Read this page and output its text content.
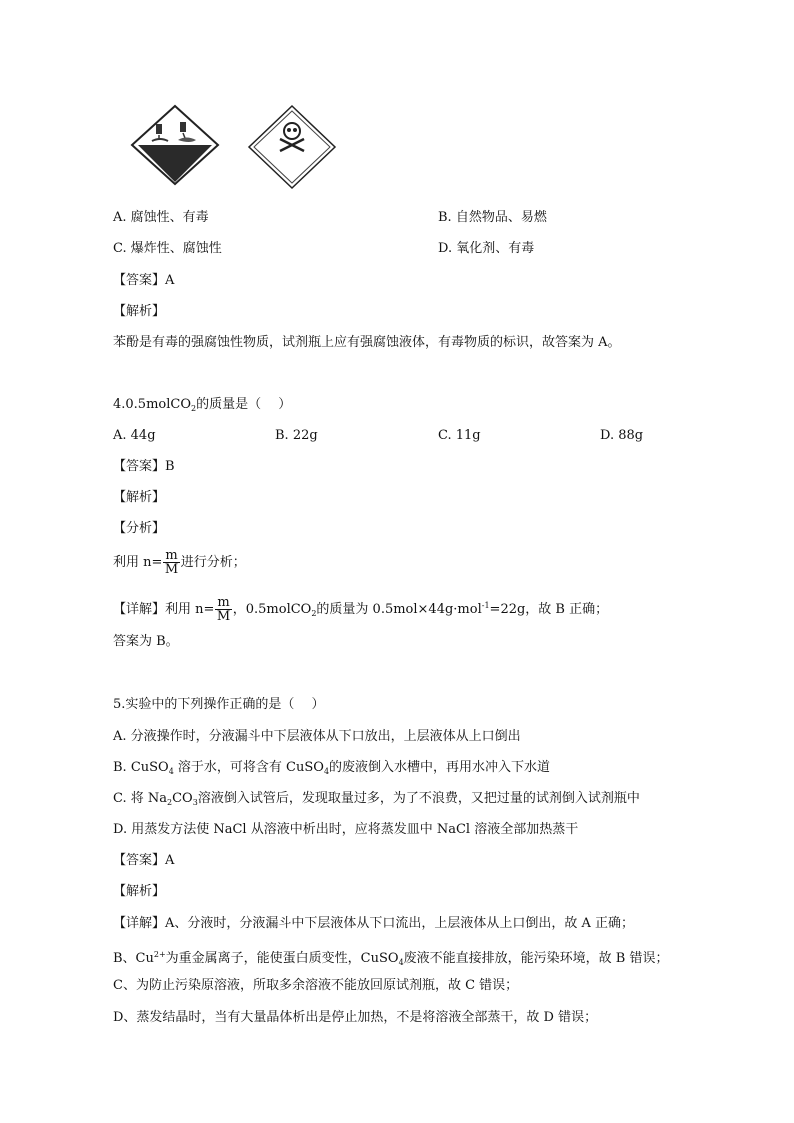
A. 腐蚀性、有毒	B. 自然物品、易燃
C. 爆炸性、腐蚀性	D. 氧化剂、有毒
【答案】A
【解析】
苯酚是有毒的强腐蚀性物质，试剂瓶上应有强腐蚀液体，有毒物质的标识，故答案为 A。
4.0.5molCO$_2$的质量是（　 ）
A. 44g	B. 22g	C. 11g	D. 88g
【答案】B
【解析】
【分析】
利用 $n= \frac{m}{M}$ 进行分析；
【详解】利用 $n= \frac{m}{M}$ ，0.5molCO$_2$的质量为 0.5mol×44g·mol$^{-1}$=22g，故 B 正确；
答案为 B。
5.实验中的下列操作正确的是（　 ）
A. 分液操作时，分液漏斗中下层液体从下口放出，上层液体从上口倒出
B. CuSO$_4$ 溶于水，可将含有 CuSO$_4$的废液倒入水槽中，再用水冲入下水道
C. 将 $Na_2CO_3$溶液倒入试管后，发现取量过多，为了不浪费，又把过量的试剂倒入试剂瓶中
D. 用蒸发方法使 NaCl 从溶液中析出时，应将蒸发皿中 NaCl 溶液全部加热蒸干
【答案】A
【解析】
【详解】A、分液时，分液漏斗中下层液体从下口流出，上层液体从上口倒出，故 A 正确；
B、$Cu^{2+}$为重金属离子，能使蛋白质变性，CuSO$_4$废液不能直接排放，能污染环境，故 B 错误；
C、为防止污染原溶液，所取多余溶液不能放回原试剂瓶，故 C 错误；
D、蒸发结晶时，当有大量晶体析出是停止加热，不是将溶液全部蒸干，故 D 错误；
